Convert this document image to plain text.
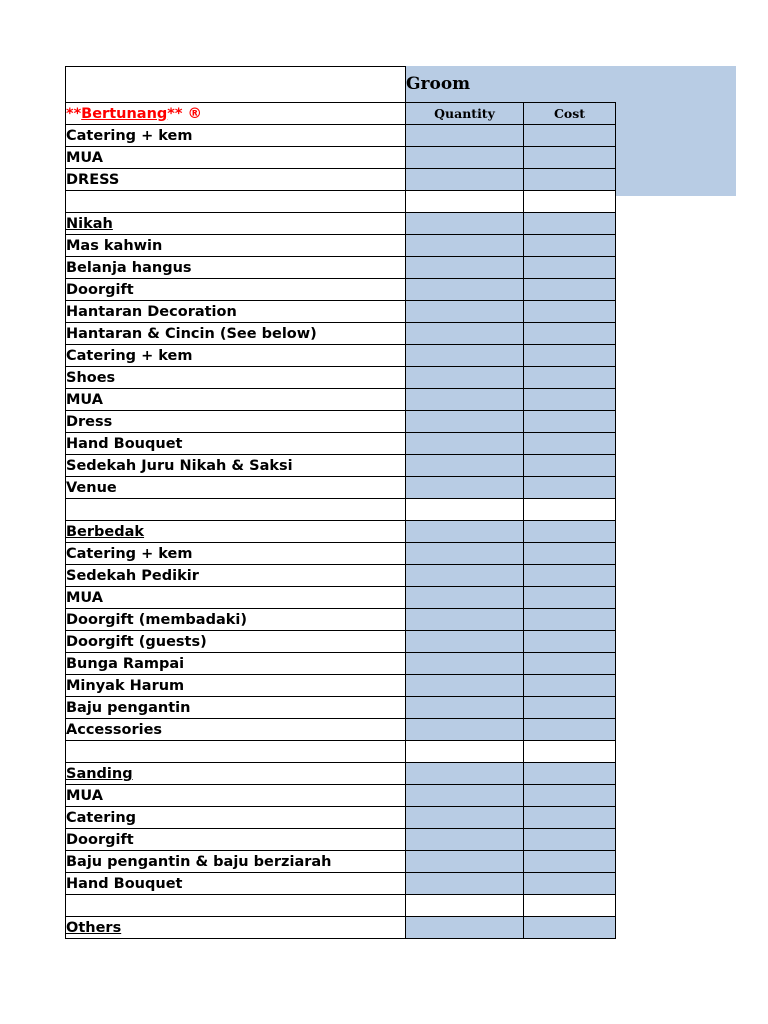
	Groom	
**Bertunang** ®	Quantity	Cost
Catering + kem		
MUA		
DRESS		

Nikah		
Mas kahwin		
Belanja hangus		
Doorgift		
Hantaran Decoration		
Hantaran & Cincin (See below)		
Catering + kem		
Shoes		
MUA		
Dress		
Hand Bouquet		
Sedekah Juru Nikah & Saksi		
Venue		

Berbedak		
Catering + kem		
Sedekah Pedikir		
MUA		
Doorgift (membadaki)		
Doorgift (guests)		
Bunga Rampai		
Minyak Harum		
Baju pengantin		
Accessories		

Sanding		
MUA		
Catering		
Doorgift		
Baju pengantin & baju berziarah		
Hand Bouquet		

Others		
